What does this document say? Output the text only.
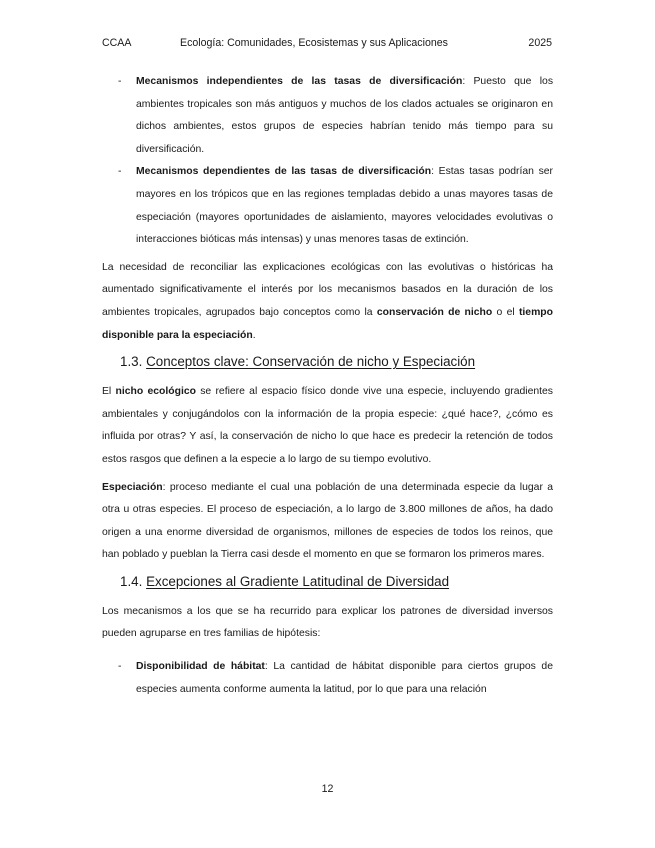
CCAA	Ecología: Comunidades, Ecosistemas y sus Aplicaciones	2025
- Mecanismos independientes de las tasas de diversificación: Puesto que los ambientes tropicales son más antiguos y muchos de los clados actuales se originaron en dichos ambientes, estos grupos de especies habrían tenido más tiempo para su diversificación.
- Mecanismos dependientes de las tasas de diversificación: Estas tasas podrían ser mayores en los trópicos que en las regiones templadas debido a unas mayores tasas de especiación (mayores oportunidades de aislamiento, mayores velocidades evolutivas o interacciones bióticas más intensas) y unas menores tasas de extinción.

La necesidad de reconciliar las explicaciones ecológicas con las evolutivas o históricas ha aumentado significativamente el interés por los mecanismos basados en la duración de los ambientes tropicales, agrupados bajo conceptos como la conservación de nicho o el tiempo disponible para la especiación.

1.3. Conceptos clave: Conservación de nicho y Especiación

El nicho ecológico se refiere al espacio físico donde vive una especie, incluyendo gradientes ambientales y conjugándolos con la información de la propia especie: ¿qué hace?, ¿cómo es influida por otras? Y así, la conservación de nicho lo que hace es predecir la retención de todos estos rasgos que definen a la especie a lo largo de su tiempo evolutivo.

Especiación: proceso mediante el cual una población de una determinada especie da lugar a otra u otras especies. El proceso de especiación, a lo largo de 3.800 millones de años, ha dado origen a una enorme diversidad de organismos, millones de especies de todos los reinos, que han poblado y pueblan la Tierra casi desde el momento en que se formaron los primeros mares.

1.4. Excepciones al Gradiente Latitudinal de Diversidad

Los mecanismos a los que se ha recurrido para explicar los patrones de diversidad inversos pueden agruparse en tres familias de hipótesis:

- Disponibilidad de hábitat: La cantidad de hábitat disponible para ciertos grupos de especies aumenta conforme aumenta la latitud, por lo que para una relación
12
